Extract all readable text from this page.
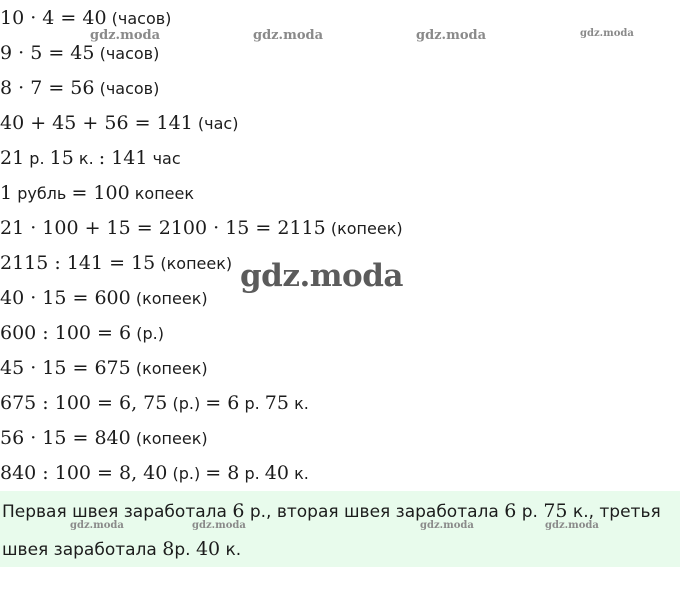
10 · 4 = 40 (часов)
9 · 5 = 45 (часов)
8 · 7 = 56 (часов)
40 + 45 + 56 = 141 (час)
21 р. 15 к. : 141 час
1 рубль = 100 копеек
21 · 100 + 15 = 2100 · 15 = 2115 (копеек)
2115 : 141 = 15 (копеек)
40 · 15 = 600 (копеек)
600 : 100 = 6 (р.)
45 · 15 = 675 (копеек)
675 : 100 = 6, 75 (р.) = 6 р. 75 к.
56 · 15 = 840 (копеек)
840 : 100 = 8, 40 (р.) = 8 р. 40 к.
Первая швея заработала 6 р., вторая швея заработала 6 р. 75 к., третья
швея заработала 8р. 40 к.
gdz.moda	gdz.moda	gdz.moda	gdz.moda
gdz.moda
gdz.moda	gdz.moda	gdz.moda	gdz.moda
